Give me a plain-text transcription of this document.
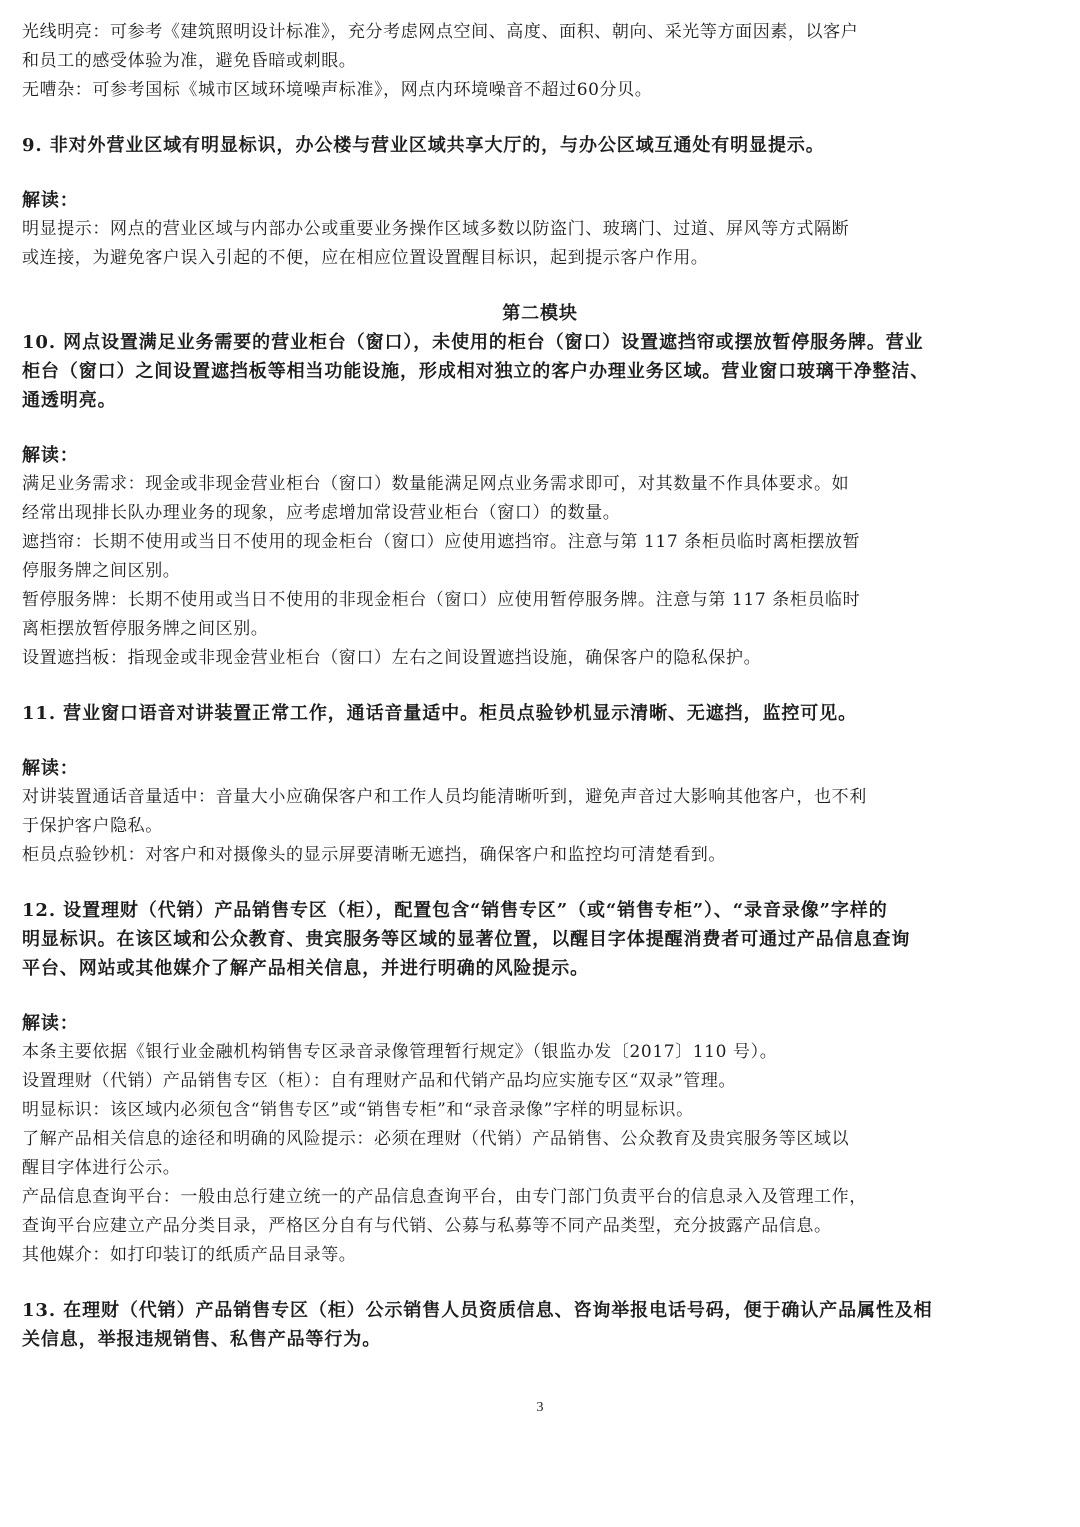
光线明亮：可参考《建筑照明设计标准》，充分考虑网点空间、高度、面积、朝向、采光等方面因素，以客户
和员工的感受体验为准，避免昏暗或刺眼。
无嘈杂：可参考国标《城市区域环境噪声标准》，网点内环境噪音不超过60分贝。
9. 非对外营业区域有明显标识，办公楼与营业区域共享大厅的，与办公区域互通处有明显提示。
解读：
明显提示：网点的营业区域与内部办公或重要业务操作区域多数以防盗门、玻璃门、过道、屏风等方式隔断
或连接，为避免客户误入引起的不便，应在相应位置设置醒目标识，起到提示客户作用。
第二模块
10. 网点设置满足业务需要的营业柜台（窗口），未使用的柜台（窗口）设置遮挡帘或摆放暂停服务牌。营业
柜台（窗口）之间设置遮挡板等相当功能设施，形成相对独立的客户办理业务区域。营业窗口玻璃干净整洁、
通透明亮。
解读：
满足业务需求：现金或非现金营业柜台（窗口）数量能满足网点业务需求即可，对其数量不作具体要求。如
经常出现排长队办理业务的现象，应考虑增加常设营业柜台（窗口）的数量。
遮挡帘：长期不使用或当日不使用的现金柜台（窗口）应使用遮挡帘。注意与第 117 条柜员临时离柜摆放暂
停服务牌之间区别。
暂停服务牌：长期不使用或当日不使用的非现金柜台（窗口）应使用暂停服务牌。注意与第 117 条柜员临时
离柜摆放暂停服务牌之间区别。
设置遮挡板：指现金或非现金营业柜台（窗口）左右之间设置遮挡设施，确保客户的隐私保护。
11. 营业窗口语音对讲装置正常工作，通话音量适中。柜员点验钞机显示清晰、无遮挡，监控可见。
解读：
对讲装置通话音量适中：音量大小应确保客户和工作人员均能清晰听到，避免声音过大影响其他客户，也不利
于保护客户隐私。
柜员点验钞机：对客户和对摄像头的显示屏要清晰无遮挡，确保客户和监控均可清楚看到。
12. 设置理财（代销）产品销售专区（柜），配置包含“销售专区”（或“销售专柜”）、“录音录像”字样的
明显标识。在该区域和公众教育、贵宾服务等区域的显著位置，以醒目字体提醒消费者可通过产品信息查询
平台、网站或其他媒介了解产品相关信息，并进行明确的风险提示。
解读：
本条主要依据《银行业金融机构销售专区录音录像管理暂行规定》（银监办发〔2017〕110 号）。
设置理财（代销）产品销售专区（柜）：自有理财产品和代销产品均应实施专区“双录”管理。
明显标识：该区域内必须包含“销售专区”或“销售专柜”和“录音录像”字样的明显标识。
了解产品相关信息的途径和明确的风险提示：必须在理财（代销）产品销售、公众教育及贵宾服务等区域以
醒目字体进行公示。
产品信息查询平台：一般由总行建立统一的产品信息查询平台，由专门部门负责平台的信息录入及管理工作，
查询平台应建立产品分类目录，严格区分自有与代销、公募与私募等不同产品类型，充分披露产品信息。
其他媒介：如打印装订的纸质产品目录等。
13. 在理财（代销）产品销售专区（柜）公示销售人员资质信息、咨询举报电话号码，便于确认产品属性及相
关信息，举报违规销售、私售产品等行为。
3
